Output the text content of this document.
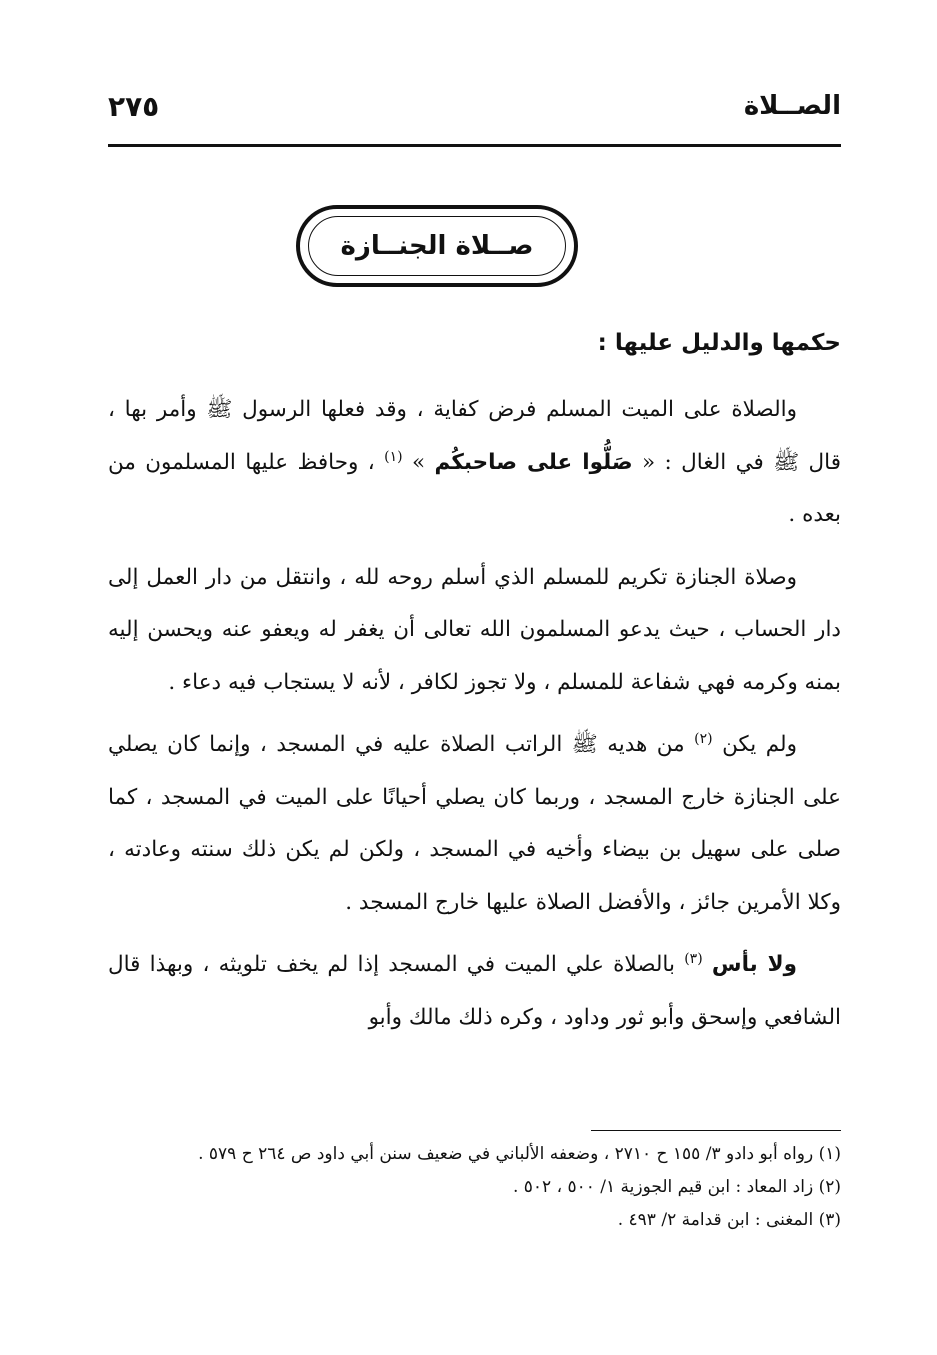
الصــلاة
٢٧٥
صــلاة الجنــازة
حكمها والدليل عليها :

والصلاة على الميت المسلم فرض كفاية ، وقد فعلها الرسول ﷺ وأمر بها ، قال ﷺ في الغال : « صَلُّوا على صاحبكُم » $^{(١)}$ ، وحافظ عليها المسلمون من بعده .

وصلاة الجنازة تكريم للمسلم الذي أسلم روحه لله ، وانتقل من دار العمل إلى دار الحساب ، حيث يدعو المسلمون الله تعالى أن يغفر له ويعفو عنه ويحسن إليه بمنه وكرمه فهي شفاعة للمسلم ، ولا تجوز لكافر ، لأنه لا يستجاب فيه دعاء .

ولم يكن $^{(٢)}$ من هديه ﷺ الراتب الصلاة عليه في المسجد ، وإنما كان يصلي على الجنازة خارج المسجد ، وربما كان يصلي أحيانًا على الميت في المسجد ، كما صلى على سهيل بن بيضاء وأخيه في المسجد ، ولكن لم يكن ذلك سنته وعادته ، وكلا الأمرين جائز ، والأفضل الصلاة عليها خارج المسجد .

ولا بأس $^{(٣)}$ بالصلاة علي الميت في المسجد إذا لم يخف تلويثه ، وبهذا قال الشافعي وإسحق وأبو ثور وداود ، وكره ذلك مالك وأبو

(١) رواه أبو دادو ٣/ ١٥٥ ح ٢٧١٠ ، وضعفه الألباني في ضعيف سنن أبي داود ص ٢٦٤ ح ٥٧٩ .
(٢) زاد المعاد : ابن قيم الجوزية ١/ ٥٠٠ ، ٥٠٢ .
(٣) المغنى : ابن قدامة ٢/ ٤٩٣ .
